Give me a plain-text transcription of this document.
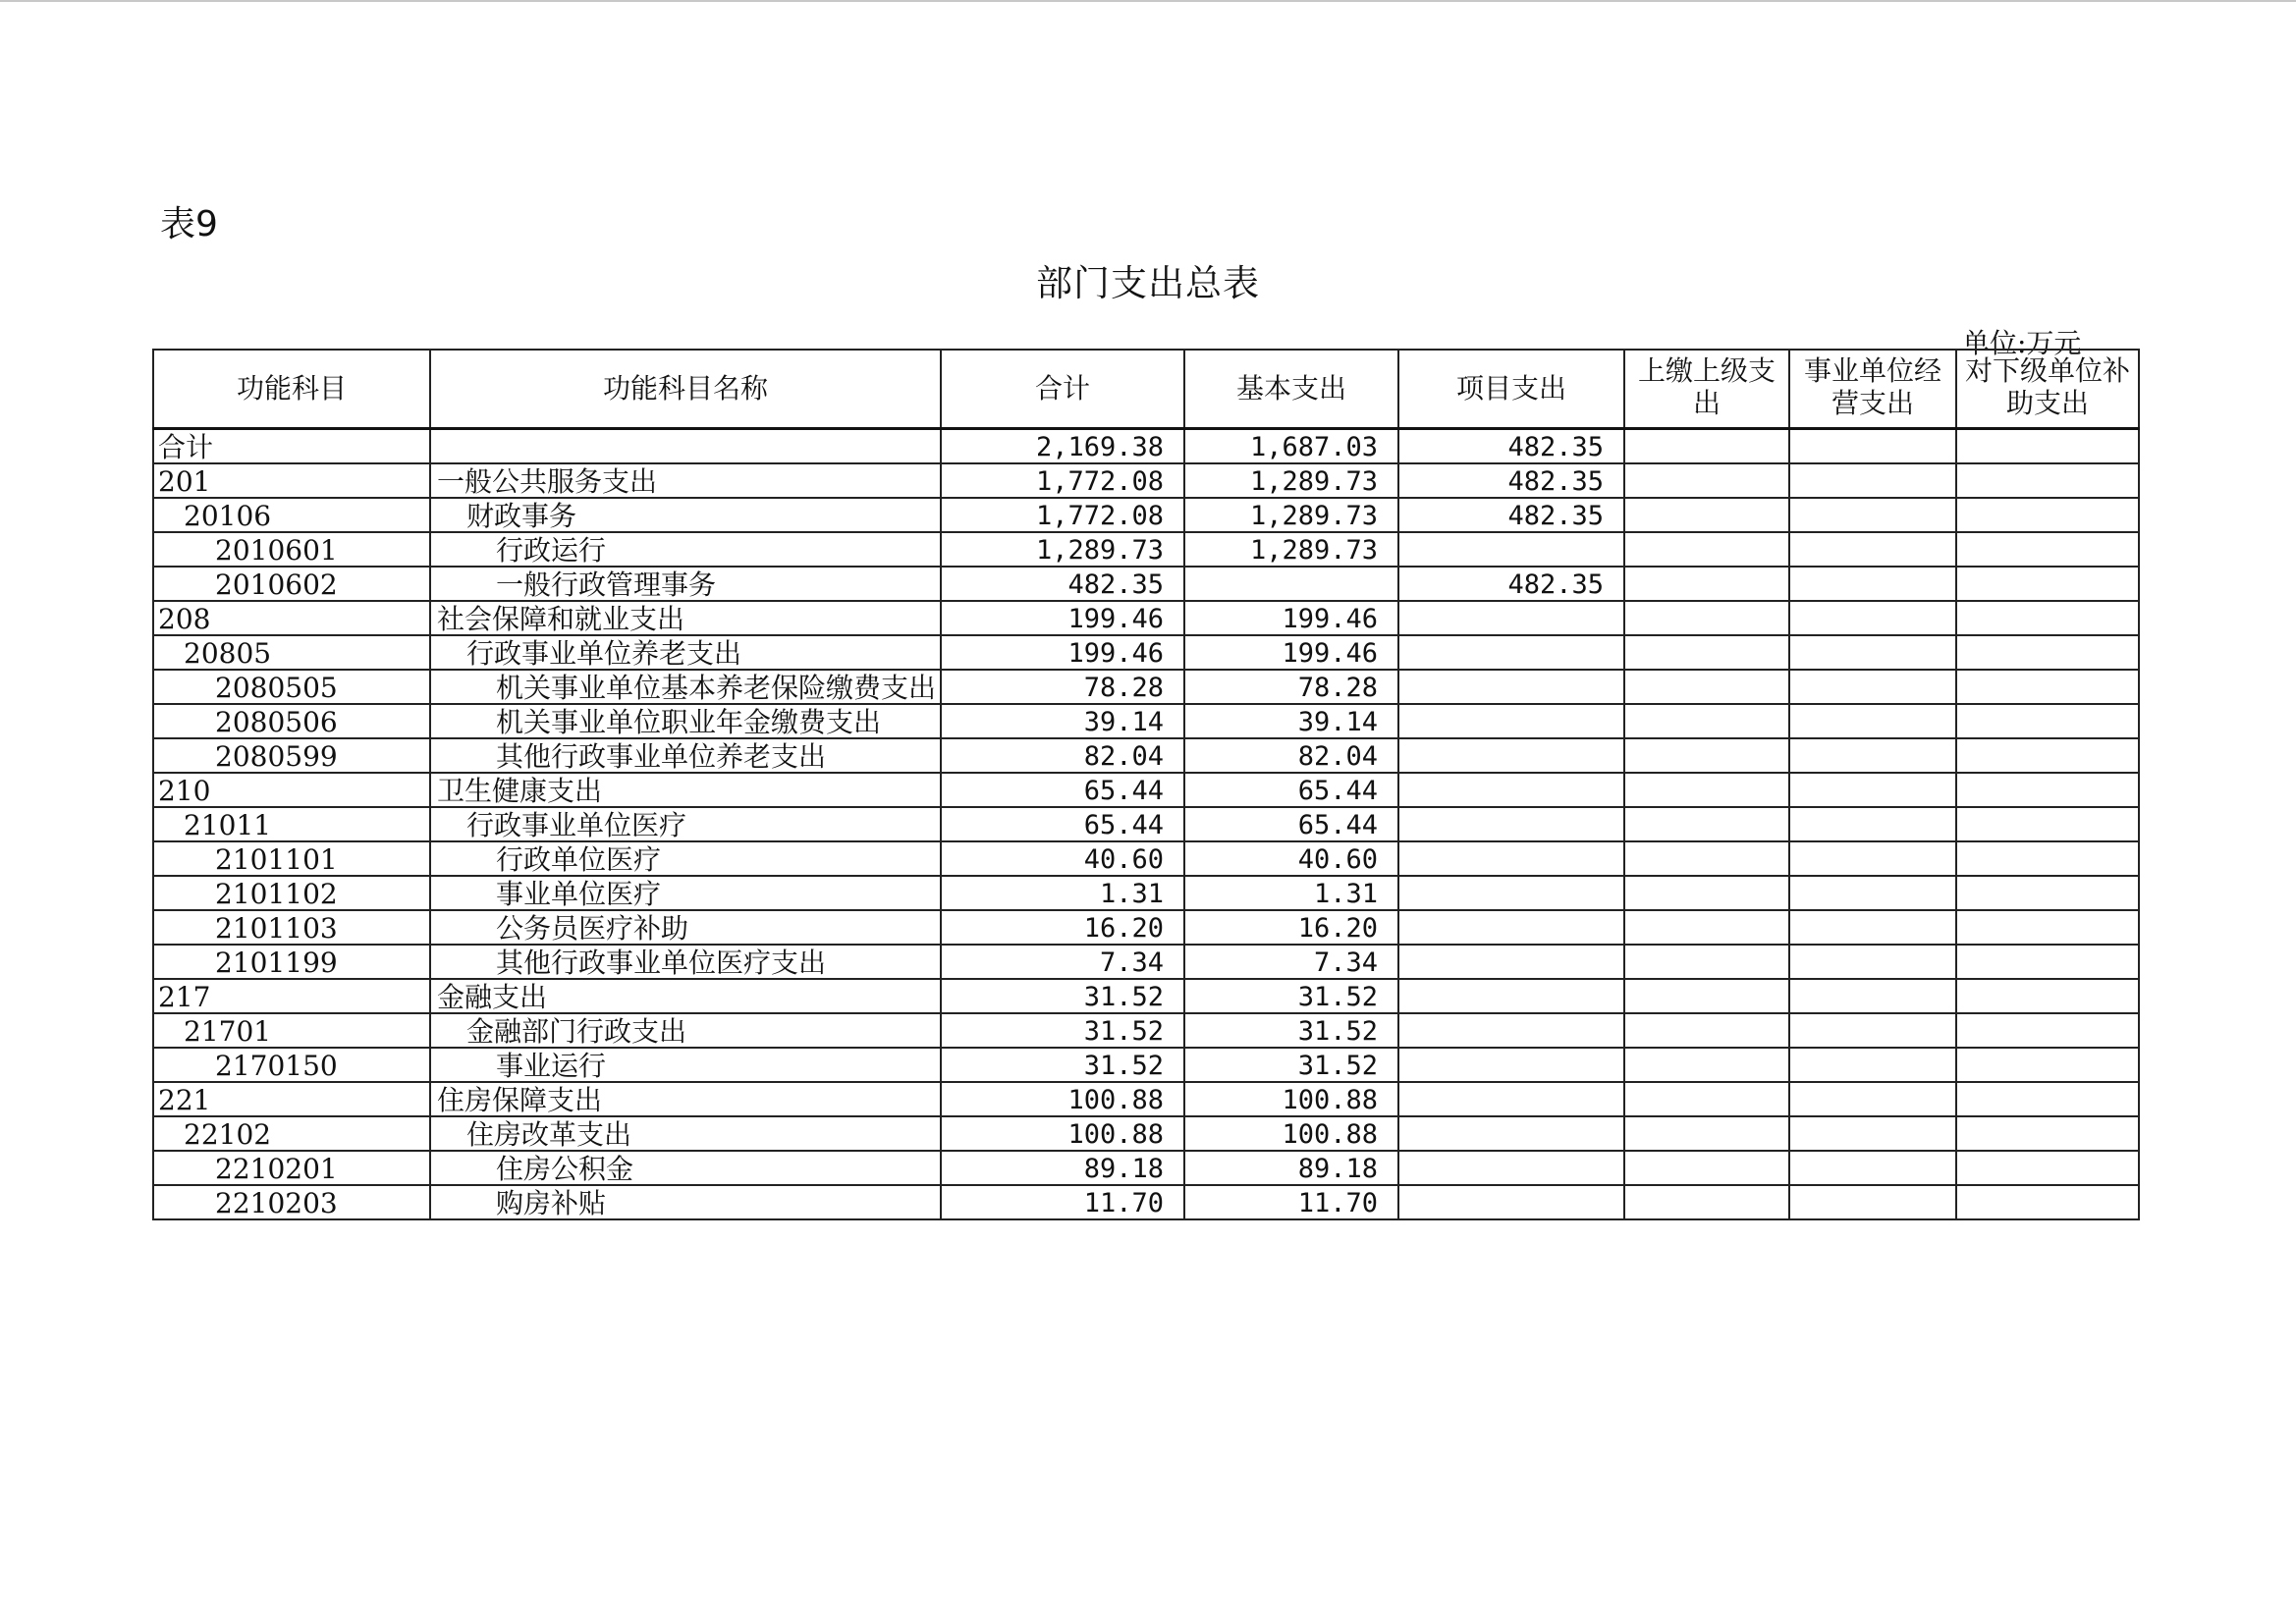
表9
部门支出总表
单位:万元
功能科目	功能科目名称	合计	基本支出	项目支出	上缴上级支出	事业单位经营支出	对下级单位补助支出
合计		2,169.38	1,687.03	482.35			
201	一般公共服务支出	1,772.08	1,289.73	482.35			
20106	财政事务	1,772.08	1,289.73	482.35			
2010601	行政运行	1,289.73	1,289.73				
2010602	一般行政管理事务	482.35		482.35			
208	社会保障和就业支出	199.46	199.46				
20805	行政事业单位养老支出	199.46	199.46				
2080505	机关事业单位基本养老保险缴费支出	78.28	78.28				
2080506	机关事业单位职业年金缴费支出	39.14	39.14				
2080599	其他行政事业单位养老支出	82.04	82.04				
210	卫生健康支出	65.44	65.44				
21011	行政事业单位医疗	65.44	65.44				
2101101	行政单位医疗	40.60	40.60				
2101102	事业单位医疗	1.31	1.31				
2101103	公务员医疗补助	16.20	16.20				
2101199	其他行政事业单位医疗支出	7.34	7.34				
217	金融支出	31.52	31.52				
21701	金融部门行政支出	31.52	31.52				
2170150	事业运行	31.52	31.52				
221	住房保障支出	100.88	100.88				
22102	住房改革支出	100.88	100.88				
2210201	住房公积金	89.18	89.18				
2210203	购房补贴	11.70	11.70				
